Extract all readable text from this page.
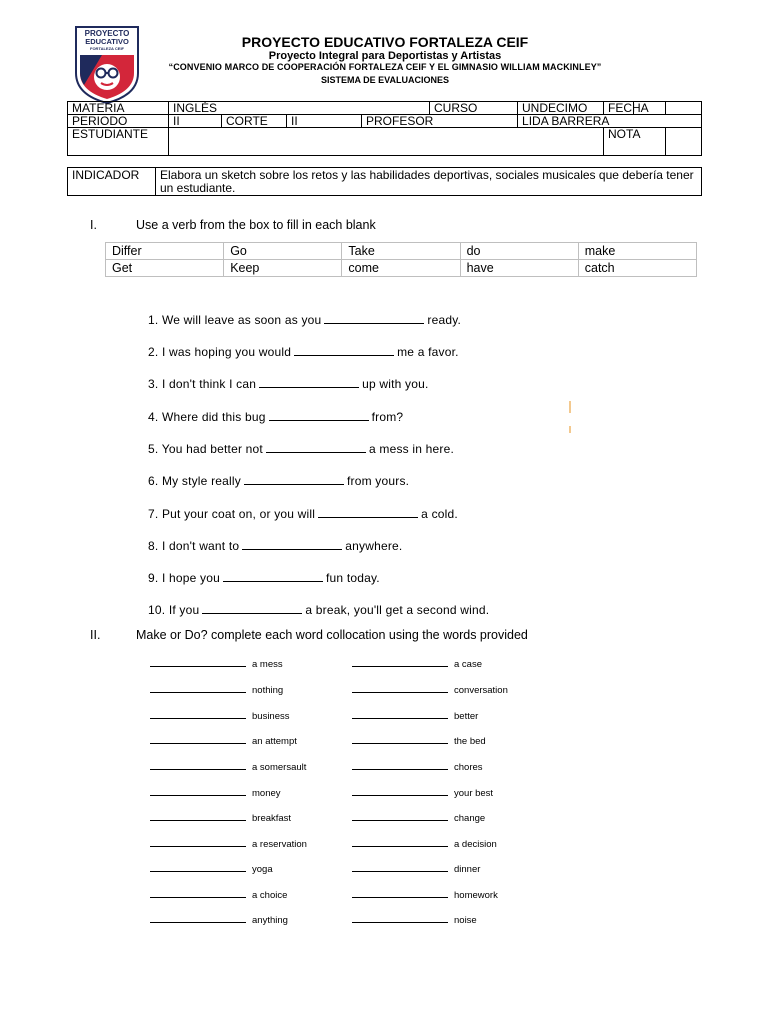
PROYECTO
EDUCATIVO
FORTALEZA CEIF	PROYECTO EDUCATIVO FORTALEZA CEIF
Proyecto Integral para Deportistas y Artistas
“CONVENIO MARCO DE COOPERACIÓN FORTALEZA CEIF Y EL GIMNASIO WILLIAM MACKINLEY”
SISTEMA DE EVALUACIONES
MATERIA	INGLÉS				CURSO	UNDECIMO	FECHA		
PERIODO	II	CORTE	II	PROFESOR		LIDA BARRERA			
ESTUDIANTE							NOTA		
INDICADOR	Elabora un sketch sobre los retos y las habilidades deportivas, sociales musicales que debería tener un estudiante.
I.	Use a verb from the box to fill in each blank
Differ	Go	Take	do	make
Get	Keep	come	have	catch
1. We will leave as soon as you	ready.
2. I was hoping you would	me a favor.
3. I don't think I can	up with you.
4. Where did this bug	from?
5. You had better not	a mess in here.
6. My style really	from yours.
7. Put your coat on, or you will	a cold.
8. I don't want to	anywhere.
9. I hope you	fun today.
10. If you	a break, you'll get a second wind.
II.	Make or Do? complete each word collocation using the words provided
a mess
nothing
business
an attempt
a somersault
money
breakfast
a reservation
yoga
a choice
anything
a case
conversation
better
the bed
chores
your best
change
a decision
dinner
homework
noise
